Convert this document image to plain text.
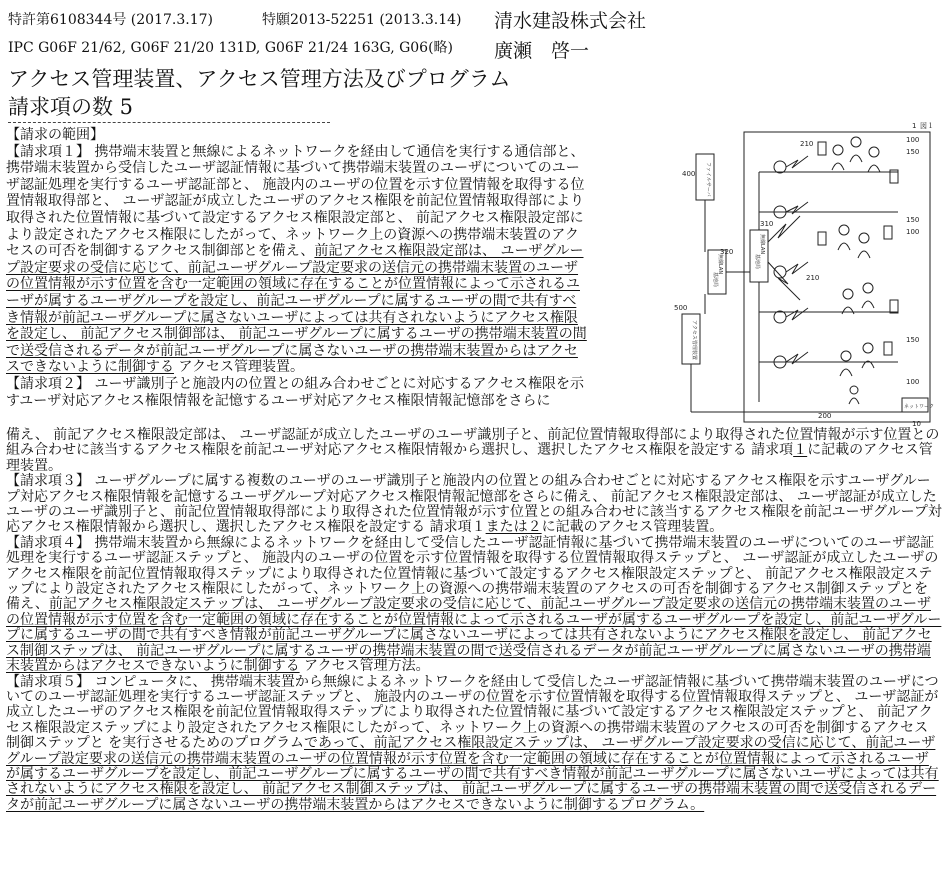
特許第6108344号 (2017.3.17)	特願2013-52251 (2013.3.14) 清水建設株式会社
IPC G06F 21/62, G06F 21/20 131D, G06F 21/24 163G, G06(略) 廣瀬　啓一
アクセス管理装置、アクセス管理方法及びプログラム
請求項の数 5

【請求の範囲】

【請求項１】 携帯端末装置と無線によるネットワークを経由して通信を実行する通信部と、 携帯端末装置から受信したユーザ認証情報に基づいて携帯端末装置のユーザについてのユーザ認証処理を実行するユーザ認証部と、 施設内のユーザの位置を示す位置情報を取得する位置情報取得部と、 ユーザ認証が成立したユーザのアクセス権限を前記位置情報取得部により取得された位置情報に基づいて設定するアクセス権限設定部と、 前記アクセス権限設定部により設定されたアクセス権限にしたがって、ネットワーク上の資源への携帯端末装置のアクセスの可否を制御するアクセス制御部とを備え、前記アクセス権限設定部は、 ユーザグループ設定要求の受信に応じて、前記ユーザグループ設定要求の送信元の携帯端末装置のユーザの位置情報が示す位置を含む一定範囲の領域に存在することが位置情報によって示されるユーザが属するユーザグループを設定し、前記ユーザグループに属するユーザの間で共有すべき情報が前記ユーザグループに属さないユーザによっては共有されないようにアクセス権限を設定し、 前記アクセス制御部は、 前記ユーザグループに属するユーザの携帯端末装置の間で送受信されるデータが前記ユーザグループに属さないユーザの携帯端末装置からはアクセスできないように制御する アクセス管理装置。

【請求項２】 ユーザ識別子と施設内の位置との組み合わせごとに対応するアクセス権限を示すユーザ対応アクセス権限情報を記憶するユーザ対応アクセス権限情報記憶部をさらに

図１
1
400
320
310
500
210
210
100
150
150
100
150
100
200
10
ファイルサーバ
アクセス管理装置
無線LAN
基地局
無線LAN
基地局
ネットワーク

備え、 前記アクセス権限設定部は、 ユーザ認証が成立したユーザのユーザ識別子と、前記位置情報取得部により取得された位置情報が示す位置との組み合わせに該当するアクセス権限を前記ユーザ対応アクセス権限情報から選択し、選択したアクセス権限を設定する 請求項１に記載のアクセス管理装置。

【請求項３】 ユーザグループに属する複数のユーザのユーザ識別子と施設内の位置との組み合わせごとに対応するアクセス権限を示すユーザグループ対応アクセス権限情報を記憶するユーザグループ対応アクセス権限情報記憶部をさらに備え、 前記アクセス権限設定部は、 ユーザ認証が成立したユーザのユーザ識別子と、前記位置情報取得部により取得された位置情報が示す位置との組み合わせに該当するアクセス権限を前記ユーザグループ対応アクセス権限情報から選択し、選択したアクセス権限を設定する 請求項１または２に記載のアクセス管理装置。

【請求項４】 携帯端末装置から無線によるネットワークを経由して受信したユーザ認証情報に基づいて携帯端末装置のユーザについてのユーザ認証処理を実行するユーザ認証ステップと、 施設内のユーザの位置を示す位置情報を取得する位置情報取得ステップと、 ユーザ認証が成立したユーザのアクセス権限を前記位置情報取得ステップにより取得された位置情報に基づいて設定するアクセス権限設定ステップと、 前記アクセス権限設定ステップにより設定されたアクセス権限にしたがって、ネットワーク上の資源への携帯端末装置のアクセスの可否を制御するアクセス制御ステップとを備え、前記アクセス権限設定ステップは、 ユーザグループ設定要求の受信に応じて、前記ユーザグループ設定要求の送信元の携帯端末装置のユーザの位置情報が示す位置を含む一定範囲の領域に存在することが位置情報によって示されるユーザが属するユーザグループを設定し、前記ユーザグループに属するユーザの間で共有すべき情報が前記ユーザグループに属さないユーザによっては共有されないようにアクセス権限を設定し、 前記アクセス制御ステップは、 前記ユーザグループに属するユーザの携帯端末装置の間で送受信されるデータが前記ユーザグループに属さないユーザの携帯端末装置からはアクセスできないように制御する アクセス管理方法。

【請求項５】 コンピュータに、 携帯端末装置から無線によるネットワークを経由して受信したユーザ認証情報に基づいて携帯端末装置のユーザについてのユーザ認証処理を実行するユーザ認証ステップと、 施設内のユーザの位置を示す位置情報を取得する位置情報取得ステップと、 ユーザ認証が成立したユーザのアクセス権限を前記位置情報取得ステップにより取得された位置情報に基づいて設定するアクセス権限設定ステップと、 前記アクセス権限設定ステップにより設定されたアクセス権限にしたがって、ネットワーク上の資源への携帯端末装置のアクセスの可否を制御するアクセス制御ステップと を実行させるためのプログラムであって、前記アクセス権限設定ステップは、 ユーザグループ設定要求の受信に応じて、前記ユーザグループ設定要求の送信元の携帯端末装置のユーザの位置情報が示す位置を含む一定範囲の領域に存在することが位置情報によって示されるユーザが属するユーザグループを設定し、前記ユーザグループに属するユーザの間で共有すべき情報が前記ユーザグループに属さないユーザによっては共有されないようにアクセス権限を設定し、 前記アクセス制御ステップは、 前記ユーザグループに属するユーザの携帯端末装置の間で送受信されるデータが前記ユーザグループに属さないユーザの携帯端末装置からはアクセスできないように制御するプログラム。
